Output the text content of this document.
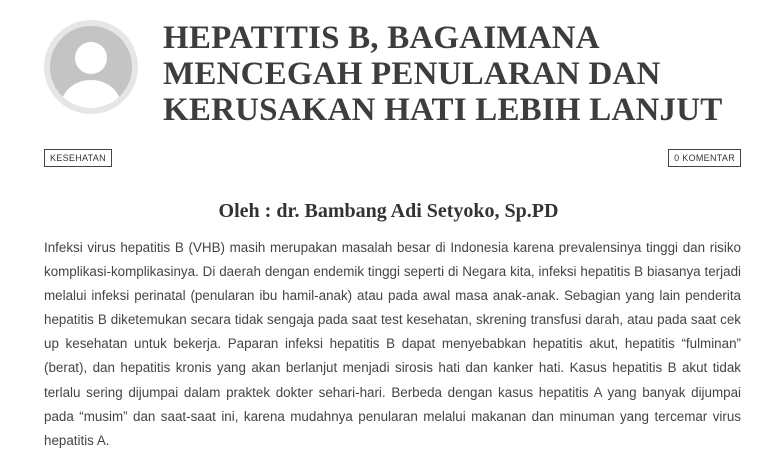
HEPATITIS B, BAGAIMANA MENCEGAH PENULARAN DAN KERUSAKAN HATI LEBIH LANJUT
KESEHATAN	0 KOMENTAR
Oleh : dr. Bambang Adi Setyoko, Sp.PD

Infeksi virus hepatitis B (VHB) masih merupakan masalah besar di Indonesia karena prevalensinya tinggi dan risiko komplikasi-komplikasinya. Di daerah dengan endemik tinggi seperti di Negara kita, infeksi hepatitis B biasanya terjadi melalui infeksi perinatal (penularan ibu hamil-anak) atau pada awal masa anak-anak. Sebagian yang lain penderita hepatitis B diketemukan secara tidak sengaja pada saat test kesehatan, skrening transfusi darah, atau pada saat cek up kesehatan untuk bekerja. Paparan infeksi hepatitis B dapat menyebabkan hepatitis akut, hepatitis “fulminan” (berat), dan hepatitis kronis yang akan berlanjut menjadi sirosis hati dan kanker hati. Kasus hepatitis B akut tidak terlalu sering dijumpai dalam praktek dokter sehari-hari. Berbeda dengan kasus hepatitis A yang banyak dijumpai pada “musim” dan saat-saat ini, karena mudahnya penularan melalui makanan dan minuman yang tercemar virus hepatitis A.
